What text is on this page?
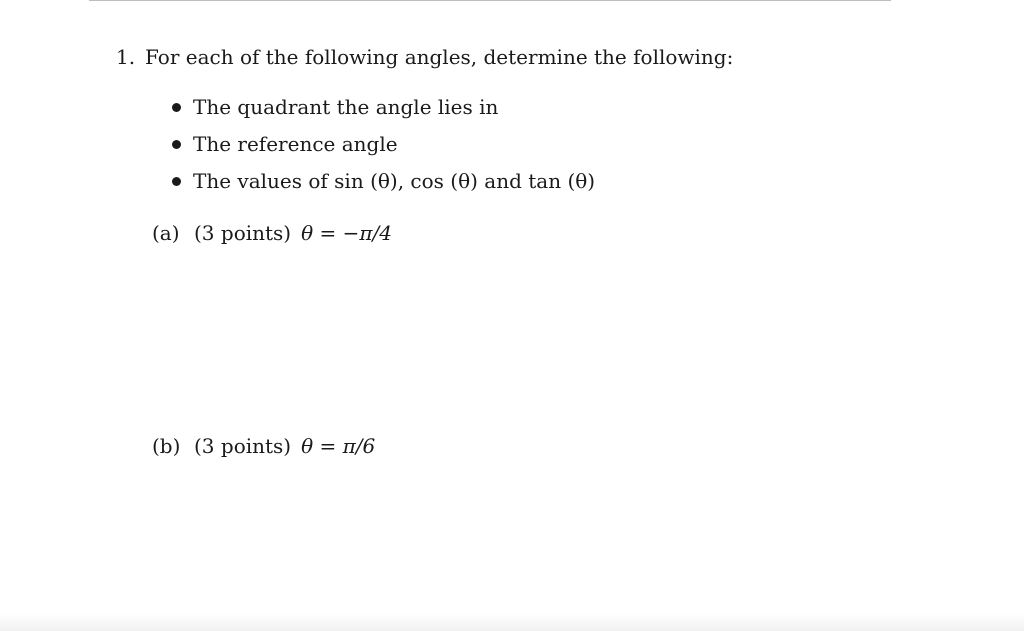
1. For each of the following angles, determine the following:
The quadrant the angle lies in
The reference angle
The values of sin (θ), cos (θ) and tan (θ)
(a) (3 points) θ = −π/4
(b) (3 points) θ = π/6
